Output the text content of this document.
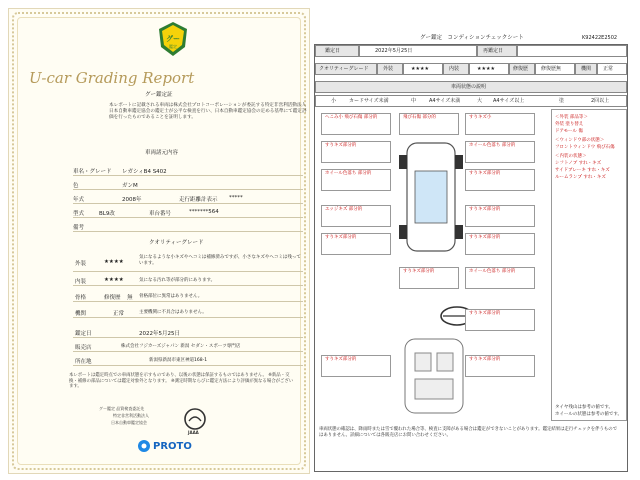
グー
鑑定
U-car Grading Report
グー鑑定証
本レポートに記載される車両は株式会社プロトコーポレーションが委託する特定非営利活動法人日本自動車鑑定協会の鑑定士が公平な検査を行い、日本自動車鑑定協会の定める基準にて鑑定評価を行ったものであることを証明します。
車両諸元内容
車名・グレード レガシィB4 S402
色	ガンM
年式	2008年	走行距離計表示 *****
型式	BL9改	車台番号	*******564
備考
クオリティーグレード
外装	★★★★
気になるような小キズやヘコミは補修済みですが、小さなキズやヘコミは残っています。
内装	★★★★	気になる汚れ等が部分的にあります。
骨格	修復歴 無 骨格部位に異常はありません。
機関	正常	主要機関に不具合はありません。
鑑定日	2022年5月25日
販売店	株式会社フジカーズジャパン 新潟 セダン・スポーツ専門店
所在地	新潟県新潟市東区神道168-1
本レポートは鑑定時点での車両状態を示すものであり、以後の状態は保証するものではありません。 ※新品・交換・補修の部品については鑑定対象外となります。 ※測定時期ならびに鑑定方法により評価が異なる場合がございます。
グー鑑定 品質検査委託先
特定非営利活動法人
日本自動車鑑定協会
JAAA
PROTO
グー鑑定　コンディションチェックシート	K92422E2502
鑑定日	2022年5月25日	再鑑定日
クオリティーグレード	外装	★★★★	内装	★★★★	修復歴	修復歴無	機関 正常
車両状態の説明
小	カードサイズ未満	中	A4サイズ未満	大 A4サイズ以上	塗	2回以上
へこみ小 飛び石傷 部分的	飛び石傷 部分的	すりキズ小
すりキズ部分的	ホイール色落ち 部分的
ホイール色落ち 部分的	すりキズ部分的
エッジキズ 部分的	すりキズ部分的
すりキズ部分的	すりキズ部分的
すりキズ部分的	ホイール色落ち 部分的
すりキズ部分的
すりキズ部分的	すりキズ部分的
＜外装 部品等＞
外装 塗り替え
ドアモール 傷
＜ウィンドウ部の状態＞
フロントウィンドウ 飛び石傷
＜内装の状態＞
シフトノブ すれ・キズ
サイドブレーキ すれ・キズ
ルームランプ すれ・キズ
タイヤ残山は参考の値です。
ホイールの状態は参考の値です。
車両状態の確認は、降雨時または雪で覆われた場合等、検査に支障がある場合は鑑定ができないことがあります。鑑定結果は走行チェックを伴うものではありません。詳細については各販売店にお問い合わせください。
